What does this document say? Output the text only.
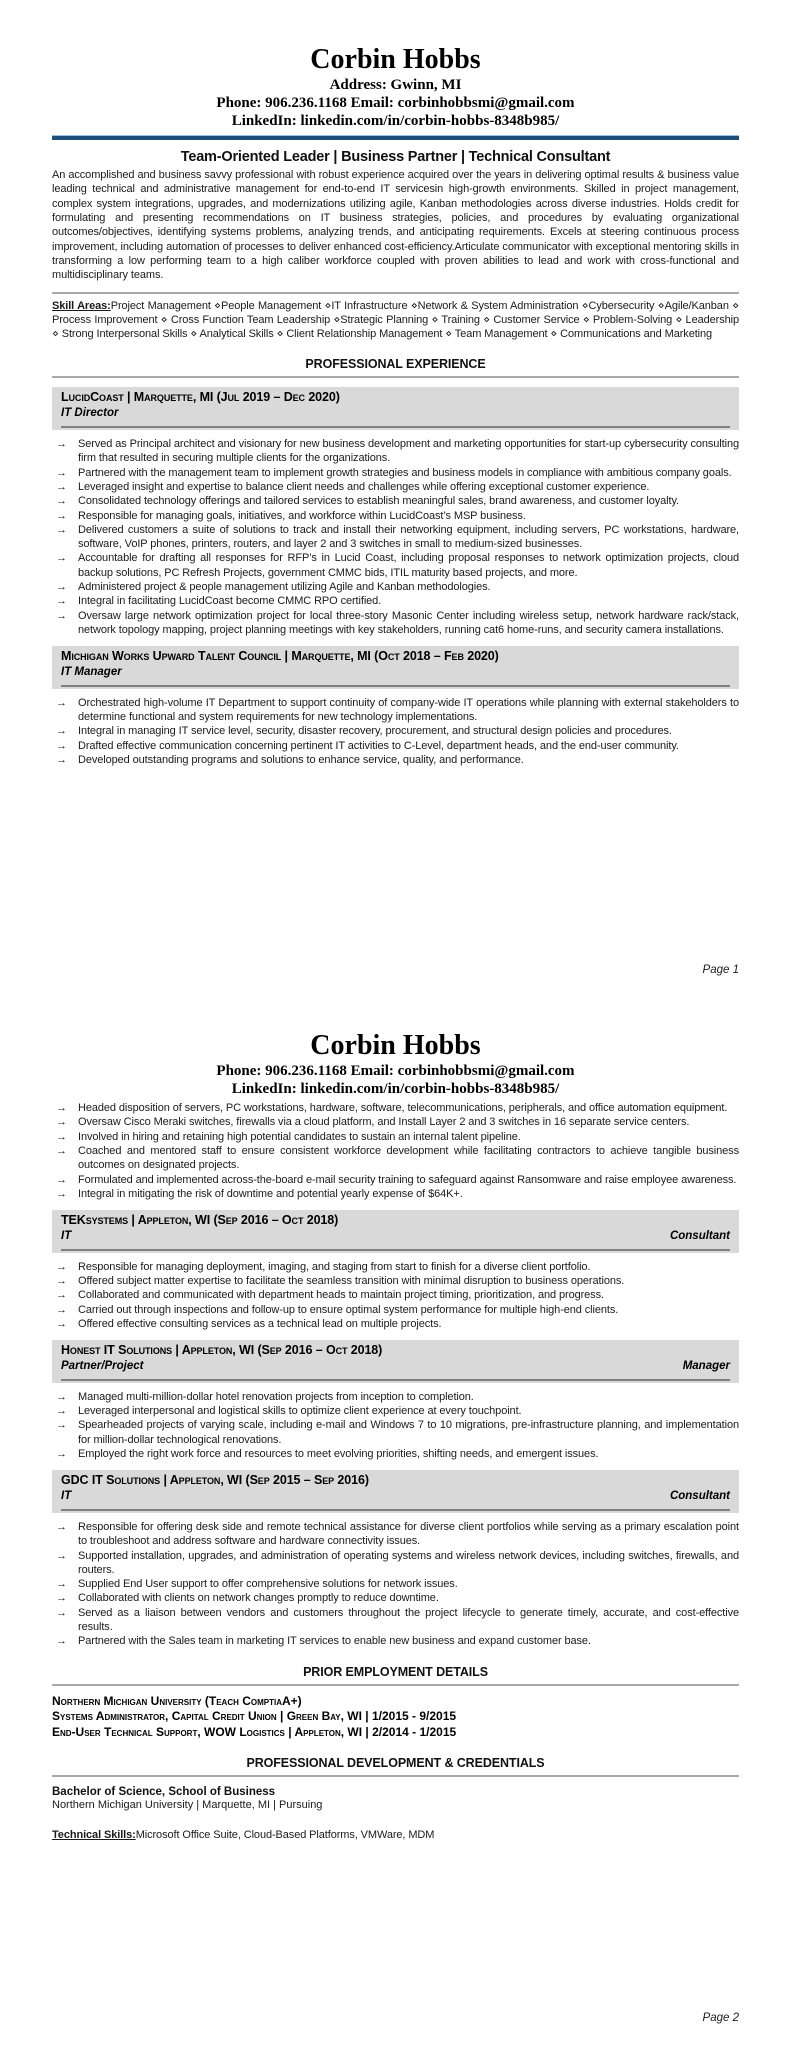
Corbin Hobbs
Address: Gwinn, MI
Phone: 906.236.1168 Email: corbinhobbsmi@gmail.com
LinkedIn: linkedin.com/in/corbin-hobbs-8348b985/
Team-Oriented Leader | Business Partner | Technical Consultant

An accomplished and business savvy professional with robust experience acquired over the years in delivering optimal results & business value leading technical and administrative management for end-to-end IT servicesin high-growth environments. Skilled in project management, complex system integrations, upgrades, and modernizations utilizing agile, Kanban methodologies across diverse industries. Holds credit for formulating and presenting recommendations on IT business strategies, policies, and procedures by evaluating organizational outcomes/objectives, identifying systems problems, analyzing trends, and anticipating requirements. Excels at steering continuous process improvement, including automation of processes to deliver enhanced cost-efficiency.Articulate communicator with exceptional mentoring skills in transforming a low performing team to a high caliber workforce coupled with proven abilities to lead and work with cross-functional and multidisciplinary teams.

Skill Areas:Project Management ⋄People Management ⋄IT Infrastructure ⋄Network & System Administration ⋄Cybersecurity ⋄Agile/Kanban ⋄ Process Improvement ⋄ Cross Function Team Leadership ⋄Strategic Planning ⋄ Training ⋄ Customer Service ⋄ Problem-Solving ⋄ Leadership ⋄ Strong Interpersonal Skills ⋄ Analytical Skills ⋄ Client Relationship Management ⋄ Team Management ⋄ Communications and Marketing

PROFESSIONAL EXPERIENCE
LucidCoast | Marquette, MI (Jul 2019 – Dec 2020)
IT Director
→	Served as Principal architect and visionary for new business development and marketing opportunities for start-up cybersecurity consulting firm that resulted in securing multiple clients for the organizations.
→	Partnered with the management team to implement growth strategies and business models in compliance with ambitious company goals.
→	Leveraged insight and expertise to balance client needs and challenges while offering exceptional customer experience.
→	Consolidated technology offerings and tailored services to establish meaningful sales, brand awareness, and customer loyalty.
→	Responsible for managing goals, initiatives, and workforce within LucidCoast’s MSP business.
→	Delivered customers a suite of solutions to track and install their networking equipment, including servers, PC workstations, hardware, software, VoIP phones, printers, routers, and layer 2 and 3 switches in small to medium-sized businesses.
→	Accountable for drafting all responses for RFP’s in Lucid Coast, including proposal responses to network optimization projects, cloud backup solutions, PC Refresh Projects, government CMMC bids, ITIL maturity based projects, and more.
→	Administered project & people management utilizing Agile and Kanban methodologies.
→	Integral in facilitating LucidCoast become CMMC RPO certified.
→	Oversaw large network optimization project for local three-story Masonic Center including wireless setup, network hardware rack/stack, network topology mapping, project planning meetings with key stakeholders, running cat6 home-runs, and security camera installations.
Michigan Works Upward Talent Council | Marquette, MI (Oct 2018 – Feb 2020)
IT Manager
→	Orchestrated high-volume IT Department to support continuity of company-wide IT operations while planning with external stakeholders to determine functional and system requirements for new technology implementations.
→	Integral in managing IT service level, security, disaster recovery, procurement, and structural design policies and procedures.
→	Drafted effective communication concerning pertinent IT activities to C-Level, department heads, and the end-user community.
→	Developed outstanding programs and solutions to enhance service, quality, and performance.
Page 1
Corbin Hobbs
Phone: 906.236.1168 Email: corbinhobbsmi@gmail.com
LinkedIn: linkedin.com/in/corbin-hobbs-8348b985/
→	Headed disposition of servers, PC workstations, hardware, software, telecommunications, peripherals, and office automation equipment.
→	Oversaw Cisco Meraki switches, firewalls via a cloud platform, and Install Layer 2 and 3 switches in 16 separate service centers.
→	Involved in hiring and retaining high potential candidates to sustain an internal talent pipeline.
→	Coached and mentored staff to ensure consistent workforce development while facilitating contractors to achieve tangible business outcomes on designated projects.
→	Formulated and implemented across-the-board e-mail security training to safeguard against Ransomware and raise employee awareness.
→	Integral in mitigating the risk of downtime and potential yearly expense of $64K+.
TEKsystems | Appleton, WI (Sep 2016 – Oct 2018)
IT	Consultant
→	Responsible for managing deployment, imaging, and staging from start to finish for a diverse client portfolio.
→	Offered subject matter expertise to facilitate the seamless transition with minimal disruption to business operations.
→	Collaborated and communicated with department heads to maintain project timing, prioritization, and progress.
→	Carried out through inspections and follow-up to ensure optimal system performance for multiple high-end clients.
→	Offered effective consulting services as a technical lead on multiple projects.
Honest IT Solutions | Appleton, WI (Sep 2016 – Oct 2018)
Partner/Project	Manager
→	Managed multi-million-dollar hotel renovation projects from inception to completion.
→	Leveraged interpersonal and logistical skills to optimize client experience at every touchpoint.
→	Spearheaded projects of varying scale, including e-mail and Windows 7 to 10 migrations, pre-infrastructure planning, and implementation for million-dollar technological renovations.
→	Employed the right work force and resources to meet evolving priorities, shifting needs, and emergent issues.
GDC IT Solutions | Appleton, WI (Sep 2015 – Sep 2016)
IT	Consultant
→	Responsible for offering desk side and remote technical assistance for diverse client portfolios while serving as a primary escalation point to troubleshoot and address software and hardware connectivity issues.
→	Supported installation, upgrades, and administration of operating systems and wireless network devices, including switches, firewalls, and routers.
→	Supplied End User support to offer comprehensive solutions for network issues.
→	Collaborated with clients on network changes promptly to reduce downtime.
→	Served as a liaison between vendors and customers throughout the project lifecycle to generate timely, accurate, and cost-effective results.
→	Partnered with the Sales team in marketing IT services to enable new business and expand customer base.
PRIOR EMPLOYMENT DETAILS
Northern Michigan University (Teach ComptiaA+)
Systems Administrator, Capital Credit Union | Green Bay, WI | 1/2015 - 9/2015
End-User Technical Support, WOW Logistics | Appleton, WI | 2/2014 - 1/2015
PROFESSIONAL DEVELOPMENT & CREDENTIALS
Bachelor of Science, School of Business
Northern Michigan University | Marquette, MI | Pursuing

Technical Skills:Microsoft Office Suite, Cloud-Based Platforms, VMWare, MDM

Page 2
